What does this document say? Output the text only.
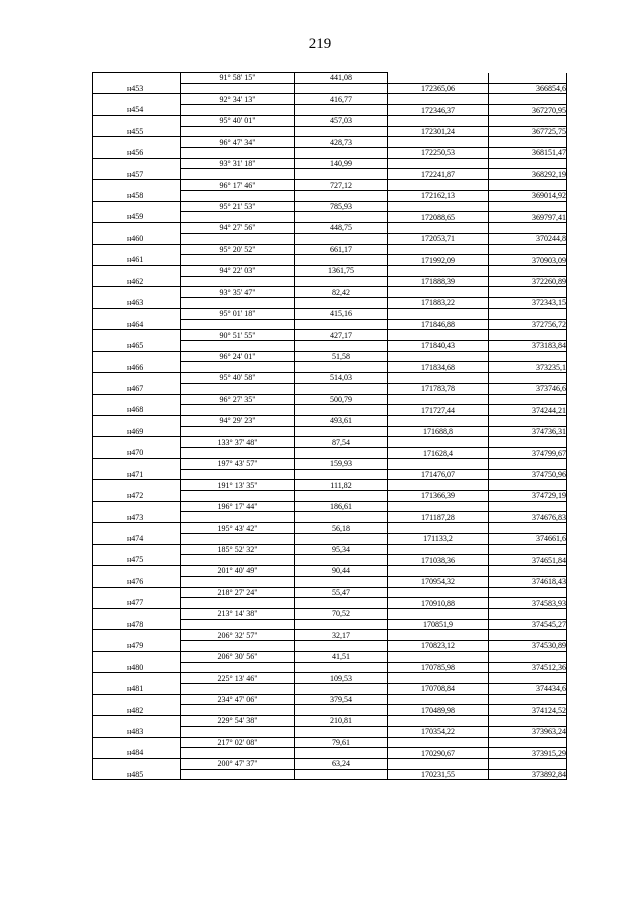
219
	91° 58' 15"	441,08		
н453			172365,06	366854,6
	92° 34' 13"	416,77		
н454			172346,37	367270,95
	95° 40' 01"	457,03		
н455			172301,24	367725,75
	96° 47' 34"	428,73		
н456			172250,53	368151,47
	93° 31' 18"	140,99		
н457			172241,87	368292,19
	96° 17' 46"	727,12		
н458			172162,13	369014,92
	95° 21' 53"	785,93		
н459			172088,65	369797,41
	94° 27' 56"	448,75		
н460			172053,71	370244,8
	95° 20' 52"	661,17		
н461			171992,09	370903,09
	94° 22' 03"	1361,75		
н462			171888,39	372260,89
	93° 35' 47"	82,42		
н463			171883,22	372343,15
	95° 01' 18"	415,16		
н464			171846,88	372756,72
	90° 51' 55"	427,17		
н465			171840,43	373183,84
	96° 24' 01"	51,58		
н466			171834,68	373235,1
	95° 40' 58"	514,03		
н467			171783,78	373746,6
	96° 27' 35"	500,79		
н468			171727,44	374244,21
	94° 29' 23"	493,61		
н469			171688,8	374736,31
	133° 37' 48"	87,54		
н470			171628,4	374799,67
	197° 43' 57"	159,93		
н471			171476,07	374750,96
	191° 13' 35"	111,82		
н472			171366,39	374729,19
	196° 17' 44"	186,61		
н473			171187,28	374676,83
	195° 43' 42"	56,18		
н474			171133,2	374661,6
	185° 52' 32"	95,34		
н475			171038,36	374651,84
	201° 40' 49"	90,44		
н476			170954,32	374618,43
	218° 27' 24"	55,47		
н477			170910,88	374583,93
	213° 14' 38"	70,52		
н478			170851,9	374545,27
	206° 32' 57"	32,17		
н479			170823,12	374530,89
	206° 30' 56"	41,51		
н480			170785,98	374512,36
	225° 13' 46"	109,53		
н481			170708,84	374434,6
	234° 47' 06"	379,54		
н482			170489,98	374124,52
	229° 54' 38"	210,81		
н483			170354,22	373963,24
	217° 02' 08"	79,61		
н484			170290,67	373915,29
	200° 47' 37"	63,24		
н485			170231,55	373892,84
